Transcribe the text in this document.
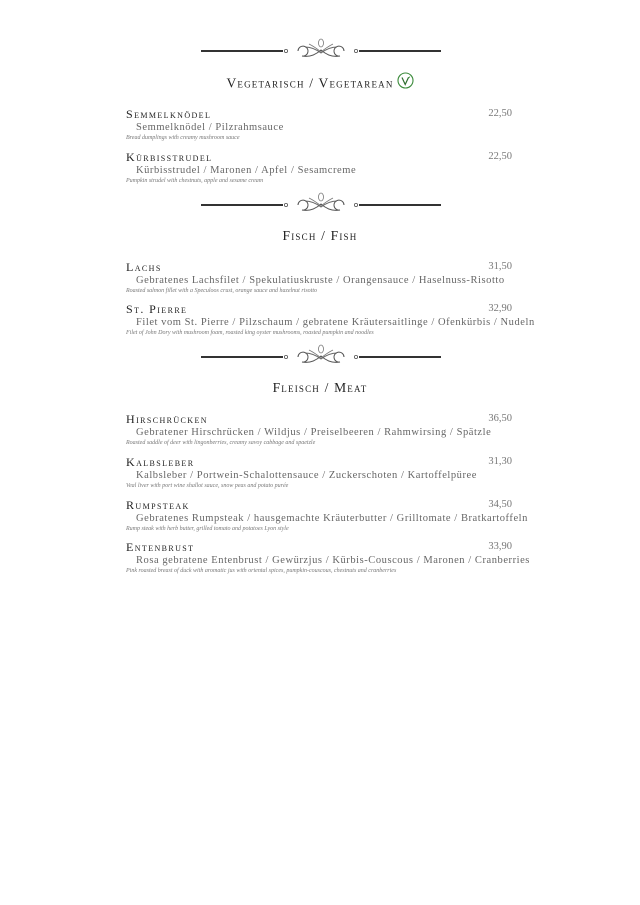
Vegetarisch / Vegetarean
Semmelknödel	22,50
Semmelknödel / Pilzrahmsauce
Bread dumplings with creamy mushroom sauce
Kürbisstrudel	22,50
Kürbisstrudel / Maronen / Apfel / Sesamcreme
Pumpkin strudel with chestnuts, apple and sesame cream
Fisch / Fish
Lachs	31,50
Gebratenes Lachsfilet / Spekulatiuskruste / Orangensauce / Haselnuss-Risotto
Roasted salmon fillet with a Speculoos crust, orange sauce and hazelnut risotto
St. Pierre	32,90
Filet vom St. Pierre / Pilzschaum / gebratene Kräutersaitlinge / Ofenkürbis / Nudeln
Filet of John Dory with mushroom foam, roasted king oyster mushrooms, roasted pumpkin and noodles
Fleisch / Meat
Hirschrücken	36,50
Gebratener Hirschrücken / Wildjus / Preiselbeeren / Rahmwirsing / Spätzle
Roasted saddle of deer with lingonberries, creamy savoy cabbage and spaetzle
Kalbsleber	31,30
Kalbsleber / Portwein-Schalottensauce / Zuckerschoten / Kartoffelpüree
Veal liver with port wine shallot sauce, snow peas and potato purée
Rumpsteak	34,50
Gebratenes Rumpsteak / hausgemachte Kräuterbutter / Grilltomate / Bratkartoffeln
Rump steak with herb butter, grilled tomato and potatoes Lyon style
Entenbrust	33,90
Rosa gebratene Entenbrust / Gewürzjus / Kürbis-Couscous / Maronen / Cranberries
Pink roasted breast of duck with aromatic jus with oriental spices, pumpkin-couscous, chestnuts and cranberries
